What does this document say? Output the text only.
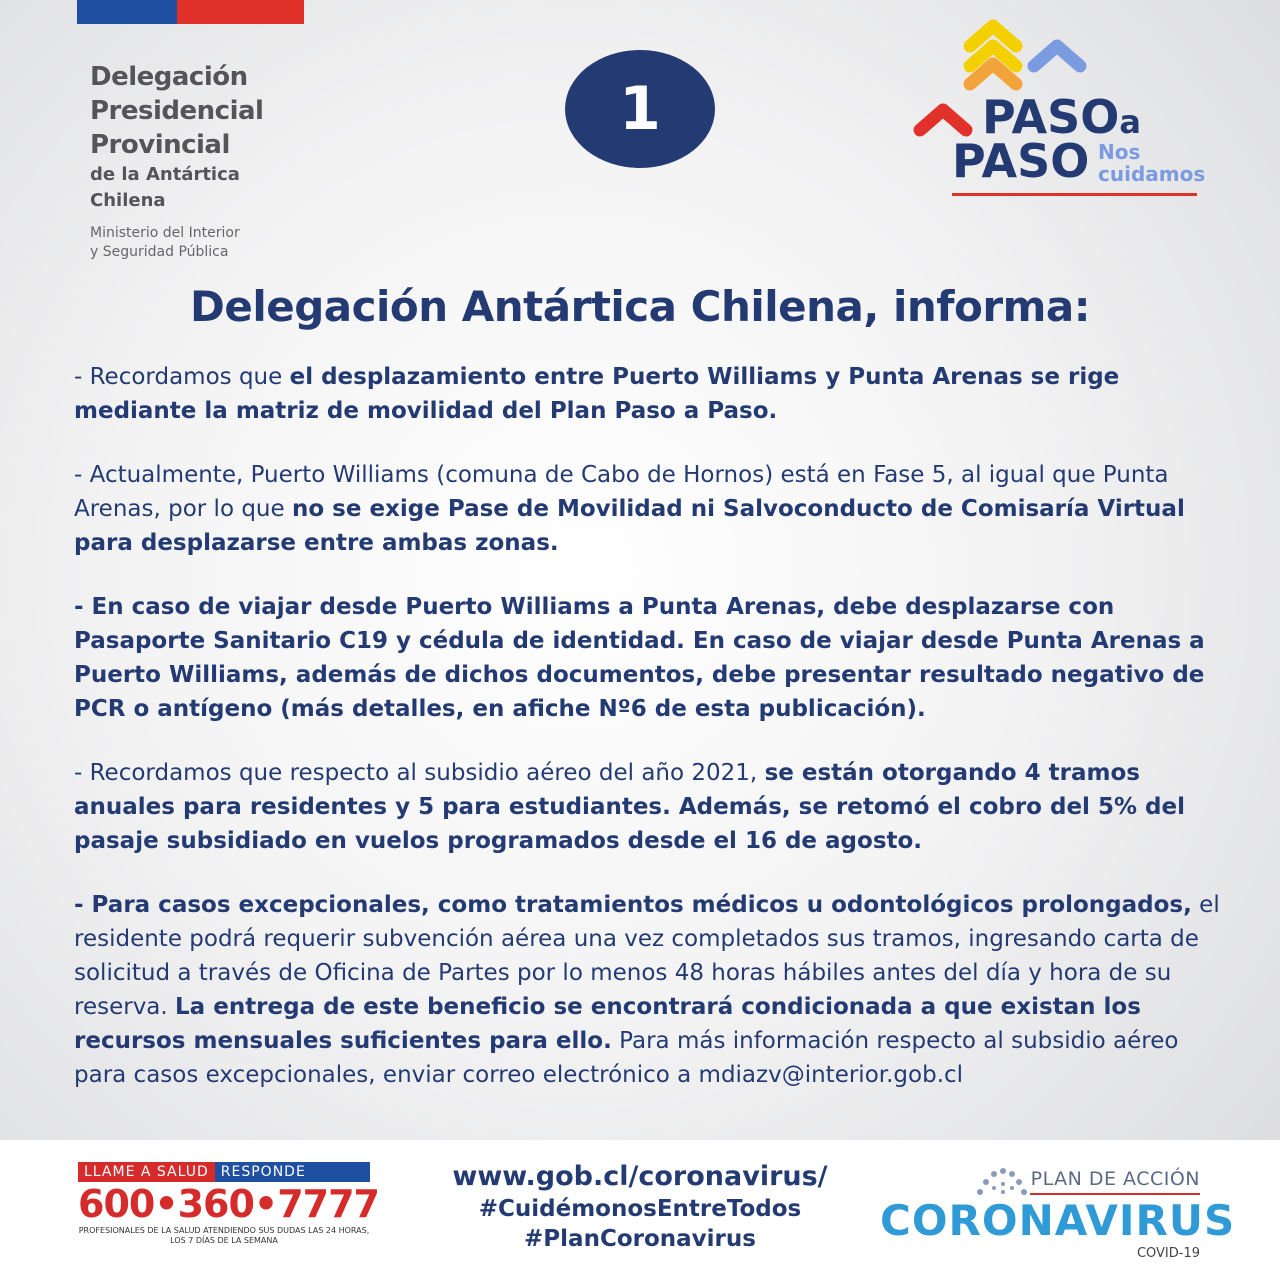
Delegación
Presidencial
Provincial
de la Antártica
Chilena
Ministerio del Interior
y Seguridad Pública
1	PASOa
PASO Nos
cuidamos
Delegación Antártica Chilena, informa:

- Recordamos que el desplazamiento entre Puerto Williams y Punta Arenas se rige mediante la matriz de movilidad del Plan Paso a Paso.

- Actualmente, Puerto Williams (comuna de Cabo de Hornos) está en Fase 5, al igual que Punta Arenas, por lo que no se exige Pase de Movilidad ni Salvoconducto de Comisaría Virtual para desplazarse entre ambas zonas.

- En caso de viajar desde Puerto Williams a Punta Arenas, debe desplazarse con Pasaporte Sanitario C19 y cédula de identidad. En caso de viajar desde Punta Arenas a Puerto Williams, además de dichos documentos, debe presentar resultado negativo de PCR o antígeno (más detalles, en afiche Nº6 de esta publicación).

- Recordamos que respecto al subsidio aéreo del año 2021, se están otorgando 4 tramos anuales para residentes y 5 para estudiantes. Además, se retomó el cobro del 5% del pasaje subsidiado en vuelos programados desde el 16 de agosto.

- Para casos excepcionales, como tratamientos médicos u odontológicos prolongados, el residente podrá requerir subvención aérea una vez completados sus tramos, ingresando carta de solicitud a través de Oficina de Partes por lo menos 48 horas hábiles antes del día y hora de su reserva. La entrega de este beneficio se encontrará condicionada a que existan los recursos mensuales suficientes para ello. Para más información respecto al subsidio aéreo para casos excepcionales, enviar correo electrónico a mdiazv@interior.gob.cl

LLAME A SALUD RESPONDE
600•360•7777
PROFESIONALES DE LA SALUD ATENDIENDO SUS DUDAS LAS 24 HORAS, LOS 7 DÍAS DE LA SEMANA
www.gob.cl/coronavirus/
#CuidémonosEntreTodos
#PlanCoronavirus
PLAN DE ACCIÓN
CORONAVIRUS
COVID-19
